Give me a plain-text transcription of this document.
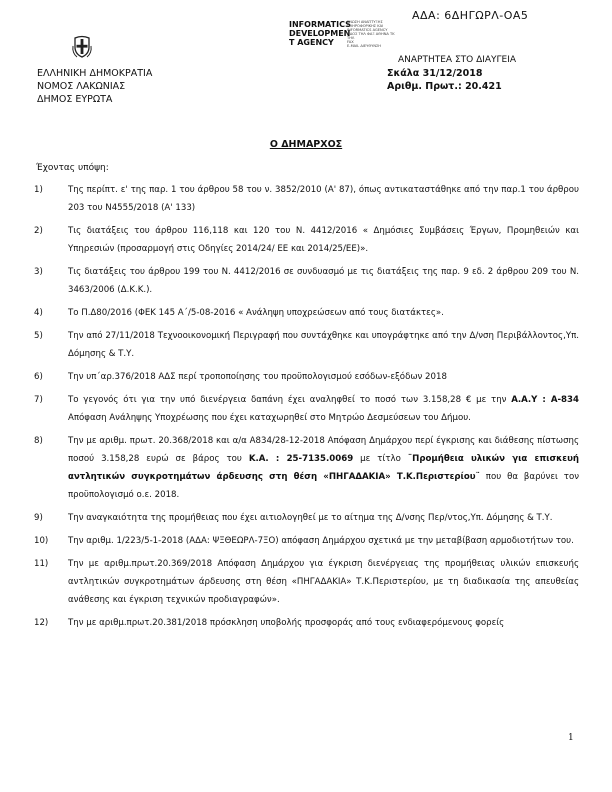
ΑΔΑ: 6ΔΗΓΩΡΛ-ΟΑ5
INFORMATICS
DEVELOPMEN
T AGENCY
ΕΝΩΣΗ ΑΝΑΠΤΥΞΗΣ
ΠΛΗΡΟΦΟΡΙΚΗΣ ΚΑΙ
INFORMATICS AGENCY
ΟΔΟΣ ΤΗΛ ΦΑΞ ΑΘΗΝΑ ΤΚ
ΤΗΛ
FAX
E-MAIL ΔΙΕΥΘΥΝΣΗ
ΑΝΑΡΤΗΤΕΑ ΣΤΟ ΔΙΑΥΓΕΙΑ
ΕΛΛΗΝΙΚΗ ΔΗΜΟΚΡΑΤΙΑ
ΝΟΜΟΣ ΛΑΚΩΝΙΑΣ
ΔΗΜΟΣ ΕΥΡΩΤΑ
Σκάλα 31/12/2018
Αριθμ. Πρωτ.: 20.421
Ο ΔΗΜΑΡΧΟΣ
Έχοντας υπόψη:
1)	Της περίπτ. ε' της παρ. 1 του άρθρου 58 του ν. 3852/2010 (Α' 87), όπως αντικαταστάθηκε από την παρ.1 του άρθρου 203 του Ν4555/2018 (Α' 133)
2)	Τις διατάξεις του άρθρου 116,118 και 120 του Ν. 4412/2016 « Δημόσιες Συμβάσεις Έργων, Προμηθειών και Υπηρεσιών (προσαρμογή στις Οδηγίες 2014/24/ ΕΕ και 2014/25/ΕΕ)».
3)	Τις διατάξεις του άρθρου 199 του Ν. 4412/2016 σε συνδυασμό με τις διατάξεις της παρ. 9 εδ. 2 άρθρου 209 του Ν. 3463/2006 (Δ.Κ.Κ.).
4)	Το Π.Δ80/2016 (ΦΕΚ 145 Α΄/5-08-2016 « Ανάληψη υποχρεώσεων από τους διατάκτες».
5)	Την από 27/11/2018 Τεχνοοικονομική Περιγραφή που συντάχθηκε και υπογράφτηκε από την Δ/νση Περιβάλλοντος,Υπ. Δόμησης & Τ.Υ.
6)	Την υπ΄αρ.376/2018 ΑΔΣ περί τροποποίησης του προϋπολογισμού εσόδων-εξόδων 2018
7)	Το γεγονός ότι για την υπό διενέργεια δαπάνη έχει αναληφθεί το ποσό των 3.158,28 € με την Α.Α.Υ : Α-834 Απόφαση Ανάληψης Υποχρέωσης που έχει καταχωρηθεί στο Μητρώο Δεσμεύσεων του Δήμου.
8)	Την με αριθμ. πρωτ. 20.368/2018 και α/α Α834/28-12-2018 Απόφαση Δημάρχου περί έγκρισης και διάθεσης πίστωσης ποσού 3.158,28 ευρώ σε βάρος του Κ.Α. : 25-7135.0069 με τίτλο ¨Προμήθεια υλικών για επισκευή αντλητικών συγκροτημάτων άρδευσης στη θέση «ΠΗΓΑΔΑΚΙΑ» Τ.Κ.Περιστερίου¨ που θα βαρύνει τον προϋπολογισμό ο.ε. 2018.
9)	Την αναγκαιότητα της προμήθειας που έχει αιτιολογηθεί με το αίτημα της Δ/νσης Περ/ντος,Υπ. Δόμησης & Τ.Υ.
10) Την αριθμ. 1/223/5-1-2018 (ΑΔΑ: ΨΞΘΕΩΡΛ-7ΞΟ) απόφαση Δημάρχου σχετικά με την μεταβίβαση αρμοδιοτήτων του.
11) Την με αριθμ.πρωτ.20.369/2018 Απόφαση Δημάρχου για έγκριση διενέργειας της προμήθειας υλικών επισκευής αντλητικών συγκροτημάτων άρδευσης στη θέση «ΠΗΓΑΔΑΚΙΑ» Τ.Κ.Περιστερίου, με τη διαδικασία της απευθείας ανάθεσης και έγκριση τεχνικών προδιαγραφών».
12) Την με αριθμ.πρωτ.20.381/2018 πρόσκληση υποβολής προσφοράς από τους ενδιαφερόμενους φορείς
1
